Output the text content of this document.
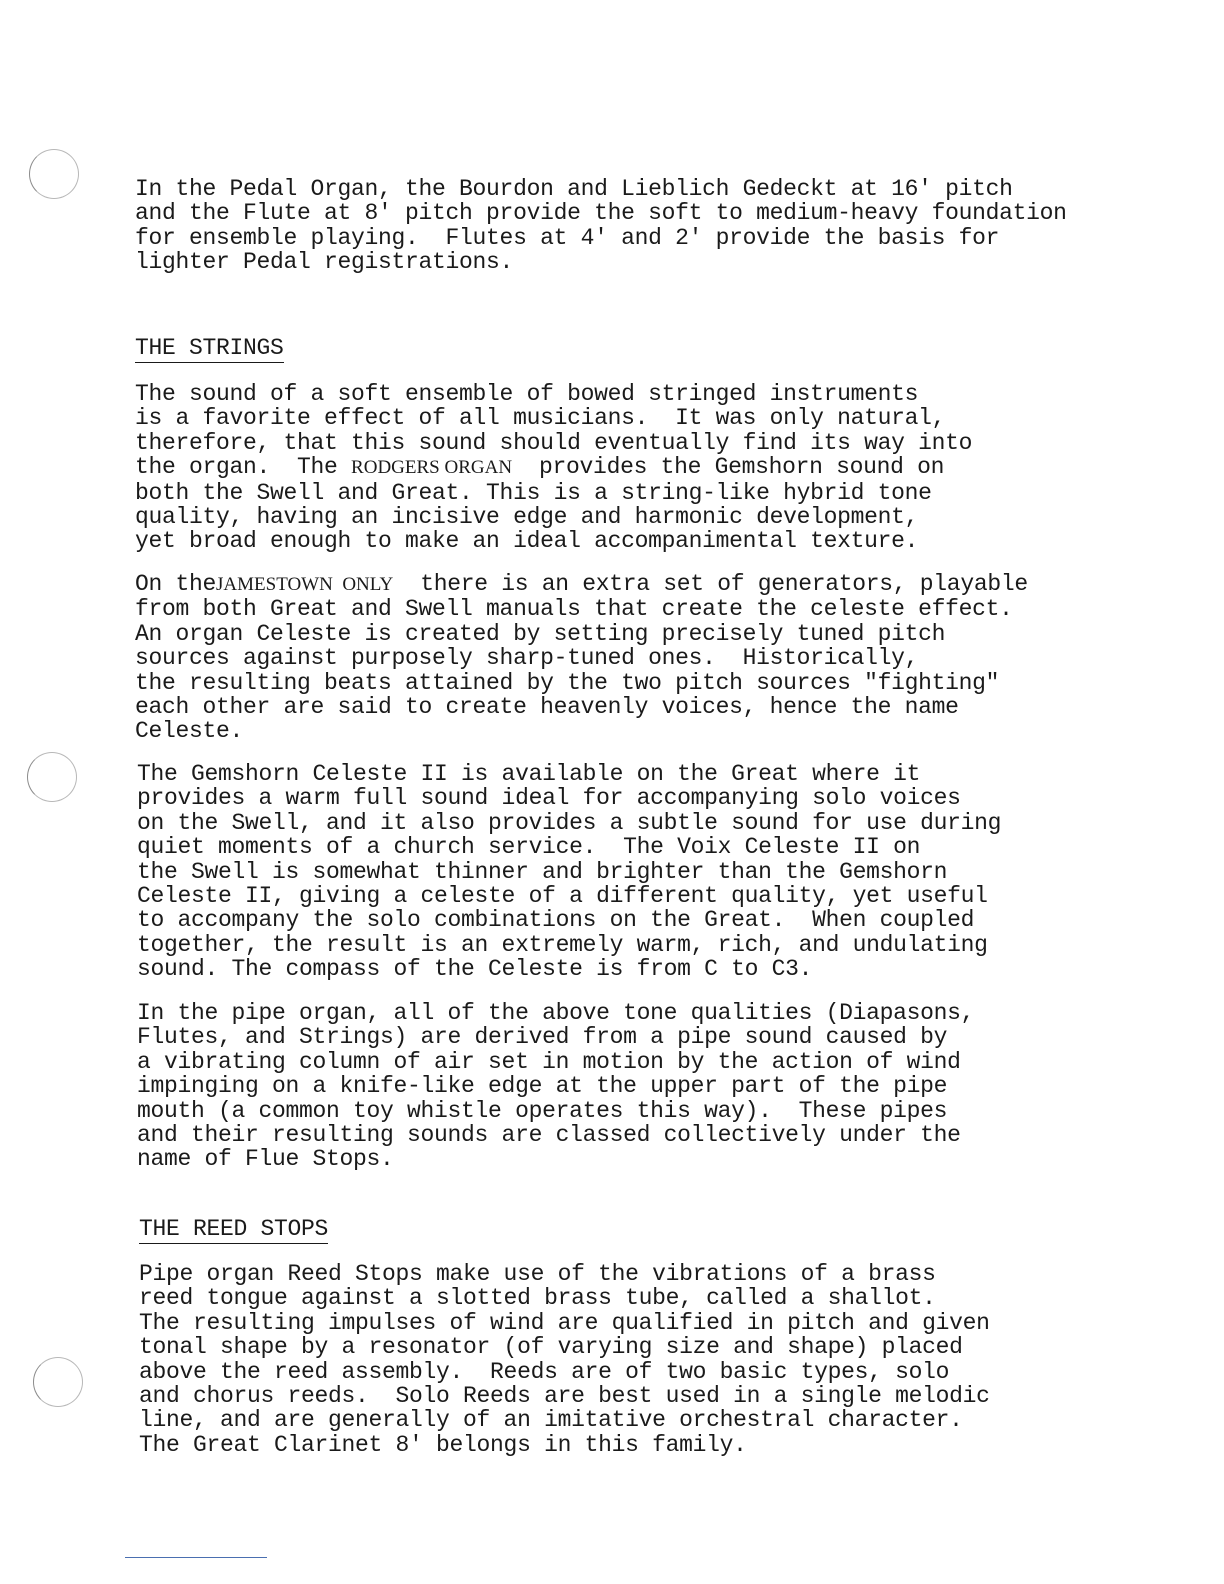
In the Pedal Organ, the Bourdon and Lieblich Gedeckt at 16' pitch
and the Flute at 8' pitch provide the soft to medium-heavy foundation
for ensemble playing.  Flutes at 4' and 2' provide the basis for
lighter Pedal registrations.
THE STRINGS
The sound of a soft ensemble of bowed stringed instruments
is a favorite effect of all musicians.  It was only natural,
therefore, that this sound should eventually find its way into
the organ.  The RODGERS ORGAN  provides the Gemshorn sound on
both the Swell and Great. This is a string-like hybrid tone
quality, having an incisive edge and harmonic development,
yet broad enough to make an ideal accompanimental texture.
On theJAMESTOWN  ONLY  there is an extra set of generators, playable
from both Great and Swell manuals that create the celeste effect.
An organ Celeste is created by setting precisely tuned pitch
sources against purposely sharp-tuned ones.  Historically,
the resulting beats attained by the two pitch sources "fighting"
each other are said to create heavenly voices, hence the name
Celeste.
The Gemshorn Celeste II is available on the Great where it
provides a warm full sound ideal for accompanying solo voices
on the Swell, and it also provides a subtle sound for use during
quiet moments of a church service.  The Voix Celeste II on
the Swell is somewhat thinner and brighter than the Gemshorn
Celeste II, giving a celeste of a different quality, yet useful
to accompany the solo combinations on the Great.  When coupled
together, the result is an extremely warm, rich, and undulating
sound. The compass of the Celeste is from C to C3.
In the pipe organ, all of the above tone qualities (Diapasons,
Flutes, and Strings) are derived from a pipe sound caused by
a vibrating column of air set in motion by the action of wind
impinging on a knife-like edge at the upper part of the pipe
mouth (a common toy whistle operates this way).  These pipes
and their resulting sounds are classed collectively under the
name of Flue Stops.
THE REED STOPS
Pipe organ Reed Stops make use of the vibrations of a brass
reed tongue against a slotted brass tube, called a shallot.
The resulting impulses of wind are qualified in pitch and given
tonal shape by a resonator (of varying size and shape) placed
above the reed assembly.  Reeds are of two basic types, solo
and chorus reeds.  Solo Reeds are best used in a single melodic
line, and are generally of an imitative orchestral character.
The Great Clarinet 8' belongs in this family.
